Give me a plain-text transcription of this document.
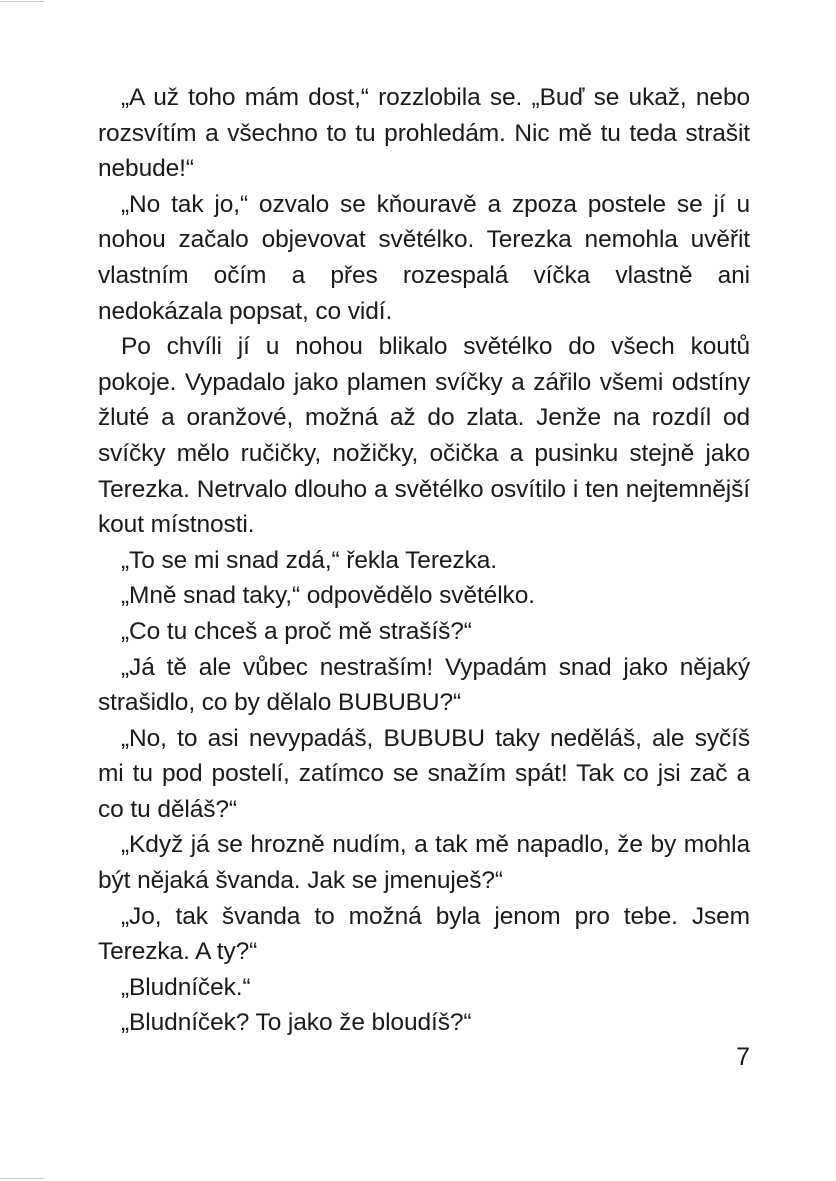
„A už toho mám dost,“ rozzlobila se. „Buď se ukaž, nebo rozsvítím a všechno to tu prohledám. Nic mě tu teda strašit nebude!“

„No tak jo,“ ozvalo se kňouravě a zpoza postele se jí u nohou začalo objevovat světélko. Terezka nemohla uvěřit vlastním očím a přes rozespalá víčka vlastně ani nedokázala popsat, co vidí.

Po chvíli jí u nohou blikalo světélko do všech koutů pokoje. Vypadalo jako plamen svíčky a zářilo všemi odstíny žluté a oranžové, možná až do zlata. Jenže na rozdíl od svíčky mělo ručičky, nožičky, očička a pusinku stejně jako Terezka. Netrvalo dlouho a světélko osvítilo i ten nejtemnější kout místnosti.

„To se mi snad zdá,“ řekla Terezka.

„Mně snad taky,“ odpovědělo světélko.

„Co tu chceš a proč mě strašíš?“

„Já tě ale vůbec nestraším! Vypadám snad jako nějaký strašidlo, co by dělalo BUBUBU?“

„No, to asi nevypadáš, BUBUBU taky neděláš, ale syčíš mi tu pod postelí, zatímco se snažím spát! Tak co jsi zač a co tu děláš?“

„Když já se hrozně nudím, a tak mě napadlo, že by mohla být nějaká švanda. Jak se jmenuješ?“

„Jo, tak švanda to možná byla jenom pro tebe. Jsem Terezka. A ty?“

„Bludníček.“

„Bludníček? To jako že bloudíš?“

7
